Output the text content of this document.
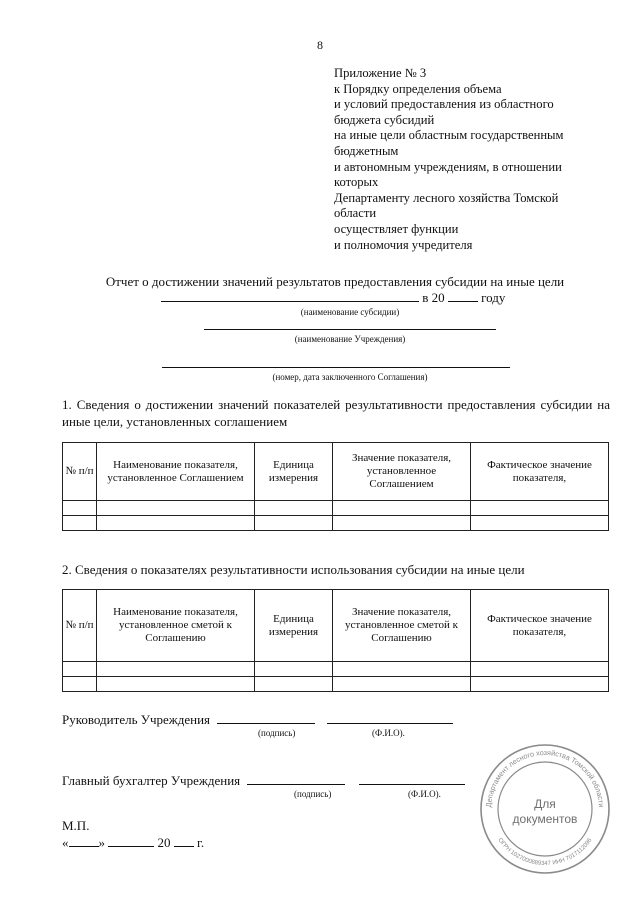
8
Приложение № 3
к Порядку определения объема
и условий предоставления из областного
бюджета субсидий
на иные цели областным государственным
бюджетным
и автономным учреждениям, в отношении
которых
Департаменту лесного хозяйства Томской
области
осуществляет функции
и полномочия учредителя
Отчет о достижении значений результатов предоставления субсидии на иные цели
в 20	году
(наименование субсидии)
(наименование Учреждения)
(номер, дата заключенного Соглашения)
1. Сведения о достижении значений показателей результативности предоставления субсидии на иные цели, установленных соглашением
№ п/п	Наименование показателя, установленное Соглашением	Единица измерения	Значение показателя, установленное Соглашением	Фактическое значение показателя,

2. Сведения о показателях результативности использования субсидии на иные цели
№ п/п	Наименование показателя, установленное сметой к Соглашению	Единица измерения	Значение показателя, установленное сметой к Соглашению	Фактическое значение показателя,

Руководитель Учреждения
(подпись)	(Ф.И.О).
Главный бухгалтер Учреждения
(подпись)	(Ф.И.О).
М.П.
« »	20 г.
Департамент лесного хозяйства Томской области
ОГРН 1027000889347 ИНН 7017112096
Для
документов
